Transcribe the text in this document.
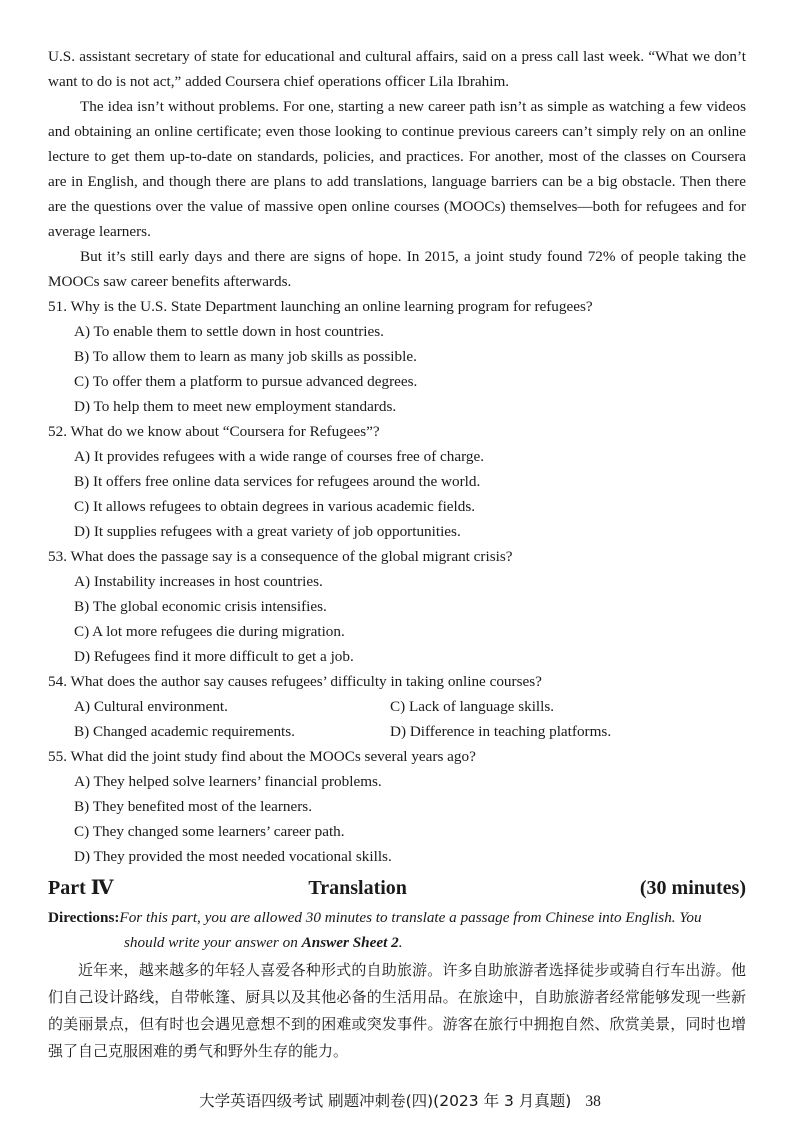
U.S. assistant secretary of state for educational and cultural affairs, said on a press call last week. “What we don’t want to do is not act,” added Coursera chief operations officer Lila Ibrahim.

The idea isn’t without problems. For one, starting a new career path isn’t as simple as watching a few videos and obtaining an online certificate; even those looking to continue previous careers can’t simply rely on an online lecture to get them up-to-date on standards, policies, and practices. For another, most of the classes on Coursera are in English, and though there are plans to add translations, language barriers can be a big obstacle. Then there are the questions over the value of massive open online courses (MOOCs) themselves—both for refugees and for average learners.

But it’s still early days and there are signs of hope. In 2015, a joint study found 72% of people taking the MOOCs saw career benefits afterwards.

51. Why is the U.S. State Department launching an online learning program for refugees?
A) To enable them to settle down in host countries.
B) To allow them to learn as many job skills as possible.
C) To offer them a platform to pursue advanced degrees.
D) To help them to meet new employment standards.
52. What do we know about “Coursera for Refugees”?
A) It provides refugees with a wide range of courses free of charge.
B) It offers free online data services for refugees around the world.
C) It allows refugees to obtain degrees in various academic fields.
D) It supplies refugees with a great variety of job opportunities.
53. What does the passage say is a consequence of the global migrant crisis?
A) Instability increases in host countries.
B) The global economic crisis intensifies.
C) A lot more refugees die during migration.
D) Refugees find it more difficult to get a job.
54. What does the author say causes refugees’ difficulty in taking online courses?
A) Cultural environment.	C) Lack of language skills.
B) Changed academic requirements.	D) Difference in teaching platforms.
55. What did the joint study find about the MOOCs several years ago?
A) They helped solve learners’ financial problems.
B) They benefited most of the learners.
C) They changed some learners’ career path.
D) They provided the most needed vocational skills.
Part Ⅳ	Translation	(30 minutes)
Directions:For this part, you are allowed 30 minutes to translate a passage from Chinese into English. You
should write your answer on Answer Sheet 2.

近年来，越来越多的年轻人喜爱各种形式的自助旅游。许多自助旅游者选择徒步或骑自行车出游。他们自己设计路线，自带帐篷、厨具以及其他必备的生活用品。在旅途中，自助旅游者经常能够发现一些新的美丽景点，但有时也会遇见意想不到的困难或突发事件。游客在旅行中拥抱自然、欣赏美景，同时也增强了自己克服困难的勇气和野外生存的能力。

大学英语四级考试 刷题冲刺卷(四)(2023 年 3 月真题) 38
